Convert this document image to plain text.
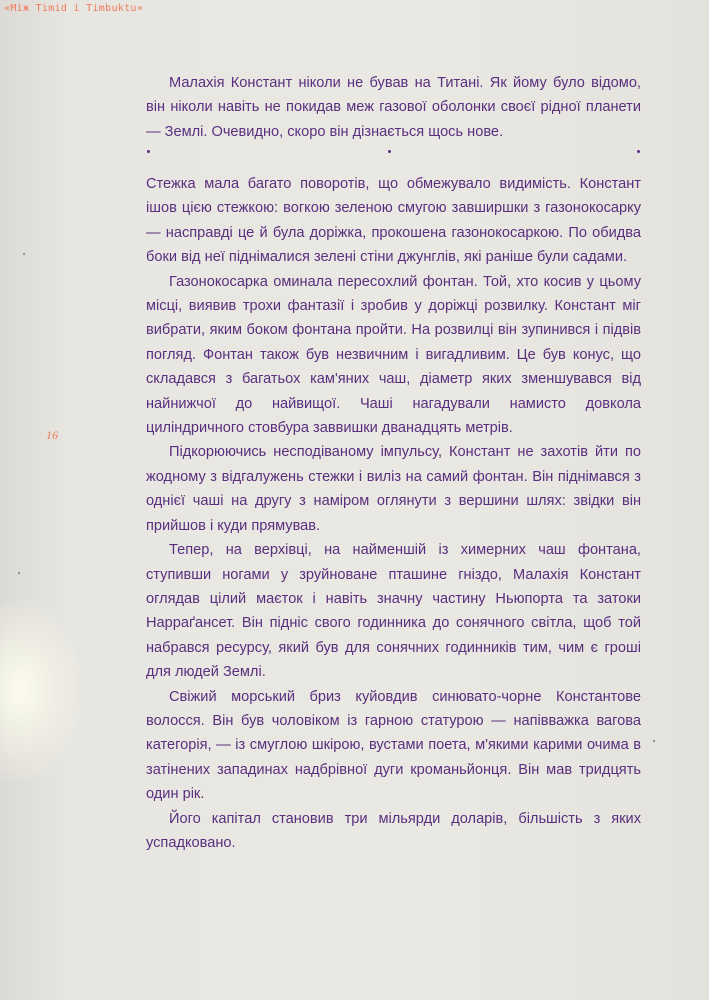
«Між Timid і Timbuktu»
16

Малахія Констант ніколи не бував на Титані. Як йому було відомо, він ніколи навіть не покидав меж газової оболонки своєї рідної планети — Землі. Очевидно, скоро він дізнається щось нове.

Стежка мала багато поворотів, що обмежувало видимість. Констант ішов цією стежкою: вогкою зеленою смугою завширшки з газонокосарку — насправді це й була доріжка, прокошена газонокосаркою. По обидва боки від неї піднімалися зелені стіни джунглів, які раніше були садами.

Газонокосарка оминала пересохлий фонтан. Той, хто косив у цьому місці, виявив трохи фантазії і зробив у доріжці розвилку. Констант міг вибрати, яким боком фонтана пройти. На розвилці він зупинився і підвів погляд. Фонтан також був незвичним і вигадливим. Це був конус, що складався з багатьох кам'яних чаш, діаметр яких зменшувався від найнижчої до найвищої. Чаші нагадували намисто довкола циліндричного стовбура заввишки дванадцять метрів.

Підкорюючись несподіваному імпульсу, Констант не захотів йти по жодному з відгалужень стежки і виліз на самий фонтан. Він піднімався з однієї чаші на другу з наміром оглянути з вершини шлях: звідки він прийшов і куди прямував.

Тепер, на верхівці, на найменшій із химерних чаш фонтана, ступивши ногами у зруйноване пташине гніздо, Малахія Констант оглядав цілий маєток і навіть значну частину Ньюпорта та затоки Нарраґансет. Він підніс свого годинника до сонячного світла, щоб той набрався ресурсу, який був для сонячних годинників тим, чим є гроші для людей Землі.

Свіжий морський бриз куйовдив синювато-чорне Константове волосся. Він був чоловіком із гарною статурою — напівважка вагова категорія, — із смуглою шкірою, вустами поета, м'якими карими очима в затінених западинах надбрівної дуги кроманьйонця. Він мав тридцять один рік.

Його капітал становив три мільярди доларів, більшість з яких успадковано.
